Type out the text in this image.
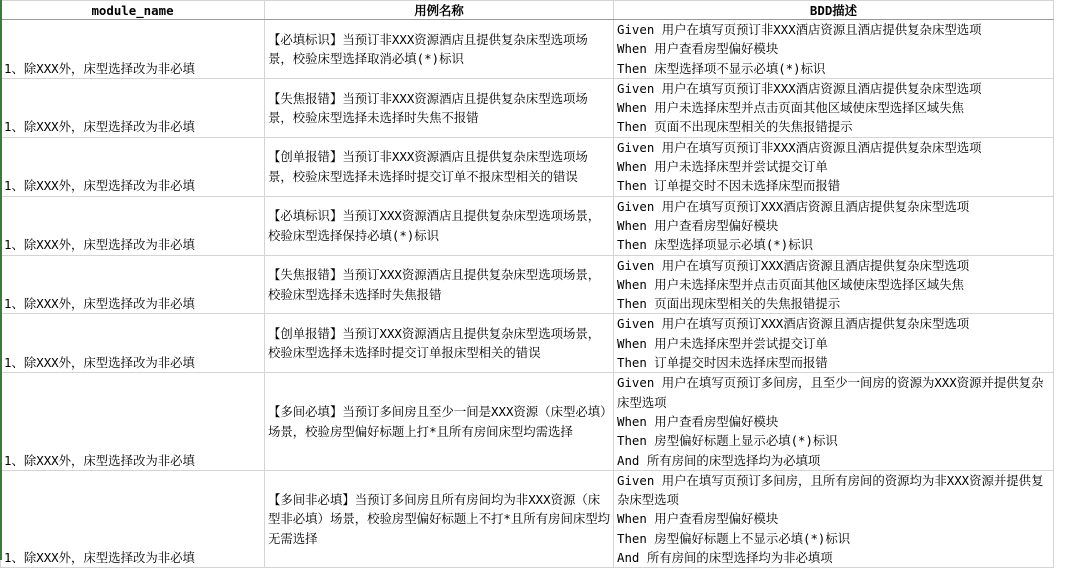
module_name	用例名称	BDD描述
1、除XXX外，床型选择改为非必填	【必填标识】当预订非XXX资源酒店且提供复杂床型选项场景，校验床型选择取消必填(*)标识	Given 用户在填写页预订非XXX酒店资源且酒店提供复杂床型选项
When 用户查看房型偏好模块
Then 床型选择项不显示必填(*)标识

1、除XXX外，床型选择改为非必填	【失焦报错】当预订非XXX资源酒店且提供复杂床型选项场景，校验床型选择未选择时失焦不报错	Given 用户在填写页预订非XXX酒店资源且酒店提供复杂床型选项
When 用户未选择床型并点击页面其他区域使床型选择区域失焦
Then 页面不出现床型相关的失焦报错提示

1、除XXX外，床型选择改为非必填	【创单报错】当预订非XXX资源酒店且提供复杂床型选项场景，校验床型选择未选择时提交订单不报床型相关的错误	Given 用户在填写页预订非XXX酒店资源且酒店提供复杂床型选项
When 用户未选择床型并尝试提交订单
Then 订单提交时不因未选择床型而报错

1、除XXX外，床型选择改为非必填	【必填标识】当预订XXX资源酒店且提供复杂床型选项场景，校验床型选择保持必填(*)标识	Given 用户在填写页预订XXX酒店资源且酒店提供复杂床型选项
When 用户查看房型偏好模块
Then 床型选择项显示必填(*)标识

1、除XXX外，床型选择改为非必填	【失焦报错】当预订XXX资源酒店且提供复杂床型选项场景，校验床型选择未选择时失焦报错	Given 用户在填写页预订XXX酒店资源且酒店提供复杂床型选项
When 用户未选择床型并点击页面其他区域使床型选择区域失焦
Then 页面出现床型相关的失焦报错提示

1、除XXX外，床型选择改为非必填	【创单报错】当预订XXX资源酒店且提供复杂床型选项场景，校验床型选择未选择时提交订单报床型相关的错误	Given 用户在填写页预订XXX酒店资源且酒店提供复杂床型选项
When 用户未选择床型并尝试提交订单
Then 订单提交时因未选择床型而报错

1、除XXX外，床型选择改为非必填	【多间必填】当预订多间房且至少一间是XXX资源（床型必填）场景，校验房型偏好标题上打*且所有房间床型均需选择	Given 用户在填写页预订多间房，且至少一间房的资源为XXX资源并提供复杂床型选项
When 用户查看房型偏好模块
Then 房型偏好标题上显示必填(*)标识
And 所有房间的床型选择均为必填项

1、除XXX外，床型选择改为非必填	【多间非必填】当预订多间房且所有房间均为非XXX资源（床型非必填）场景，校验房型偏好标题上不打*且所有房间床型均无需选择	Given 用户在填写页预订多间房，且所有房间的资源均为非XXX资源并提供复杂床型选项
When 用户查看房型偏好模块
Then 房型偏好标题上不显示必填(*)标识
And 所有房间的床型选择均为非必填项
